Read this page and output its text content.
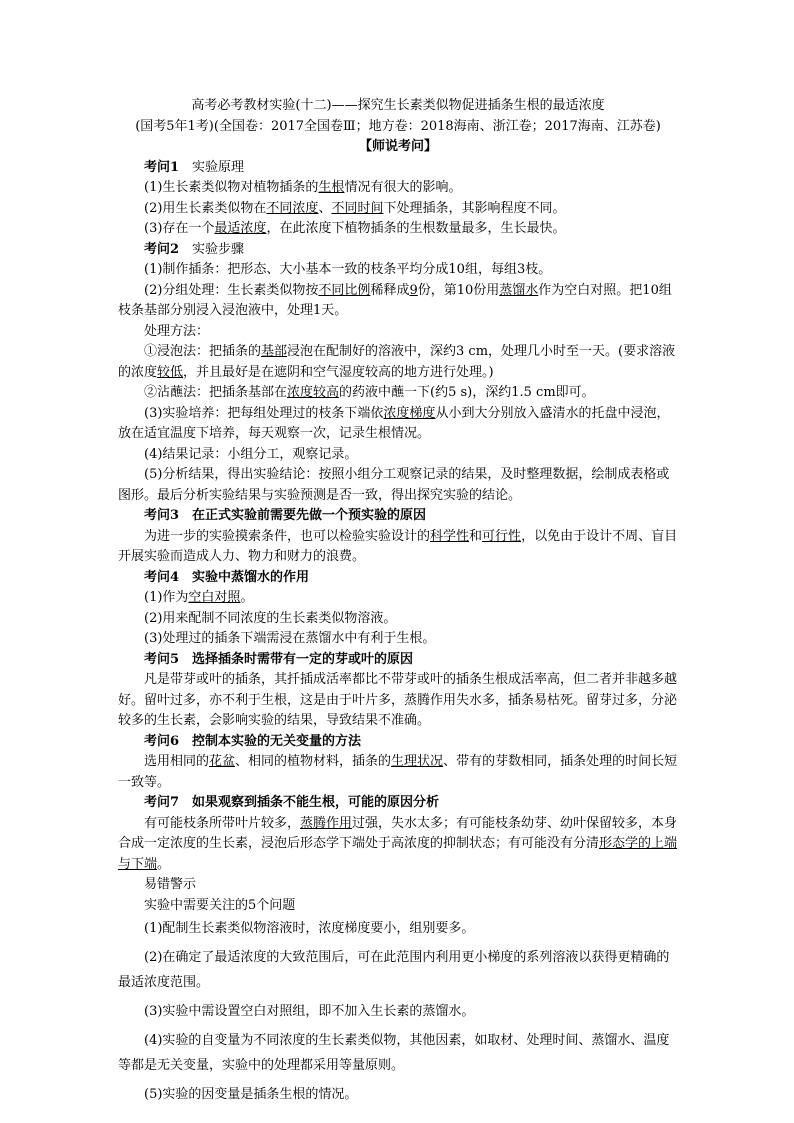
高考必考教材实验(十二)——探究生长素类似物促进插条生根的最适浓度

(国考5年1考)(全国卷：2017全国卷Ⅲ；地方卷：2018海南、浙江卷；2017海南、江苏卷)

【师说考问】

考问1 实验原理

(1)生长素类似物对植物插条的生根情况有很大的影响。

(2)用生长素类似物在不同浓度、不同时间下处理插条，其影响程度不同。

(3)存在一个最适浓度，在此浓度下植物插条的生根数量最多，生长最快。

考问2 实验步骤

(1)制作插条：把形态、大小基本一致的枝条平均分成10组，每组3枝。

(2)分组处理：生长素类似物按不同比例稀释成9份，第10份用蒸馏水作为空白对照。把10组枝条基部分别浸入浸泡液中，处理1天。

处理方法：

①浸泡法：把插条的基部浸泡在配制好的溶液中，深约3 cm，处理几小时至一天。(要求溶液的浓度较低，并且最好是在遮阴和空气湿度较高的地方进行处理。)

②沾蘸法：把插条基部在浓度较高的药液中蘸一下(约5 s)，深约1.5 cm即可。

(3)实验培养：把每组处理过的枝条下端依浓度梯度从小到大分别放入盛清水的托盘中浸泡，放在适宜温度下培养，每天观察一次，记录生根情况。

(4)结果记录：小组分工，观察记录。

(5)分析结果，得出实验结论：按照小组分工观察记录的结果，及时整理数据，绘制成表格或图形。最后分析实验结果与实验预测是否一致，得出探究实验的结论。

考问3 在正式实验前需要先做一个预实验的原因

为进一步的实验摸索条件，也可以检验实验设计的科学性和可行性，以免由于设计不周、盲目开展实验而造成人力、物力和财力的浪费。

考问4 实验中蒸馏水的作用

(1)作为空白对照。

(2)用来配制不同浓度的生长素类似物溶液。

(3)处理过的插条下端需浸在蒸馏水中有利于生根。

考问5 选择插条时需带有一定的芽或叶的原因

凡是带芽或叶的插条，其扦插成活率都比不带芽或叶的插条生根成活率高，但二者并非越多越好。留叶过多，亦不利于生根，这是由于叶片多，蒸腾作用失水多，插条易枯死。留芽过多，分泌较多的生长素，会影响实验的结果，导致结果不准确。

考问6 控制本实验的无关变量的方法

选用相同的花盆、相同的植物材料，插条的生理状况、带有的芽数相同，插条处理的时间长短一致等。

考问7 如果观察到插条不能生根，可能的原因分析

有可能枝条所带叶片较多，蒸腾作用过强，失水太多；有可能枝条幼芽、幼叶保留较多，本身合成一定浓度的生长素，浸泡后形态学下端处于高浓度的抑制状态；有可能没有分清形态学的上端与下端。

易错警示

实验中需要关注的5个问题

(1)配制生长素类似物溶液时，浓度梯度要小，组别要多。

(2)在确定了最适浓度的大致范围后，可在此范围内利用更小梯度的系列溶液以获得更精确的最适浓度范围。

(3)实验中需设置空白对照组，即不加入生长素的蒸馏水。

(4)实验的自变量为不同浓度的生长素类似物，其他因素，如取材、处理时间、蒸馏水、温度等都是无关变量，实验中的处理都采用等量原则。

(5)实验的因变量是插条生根的情况。
